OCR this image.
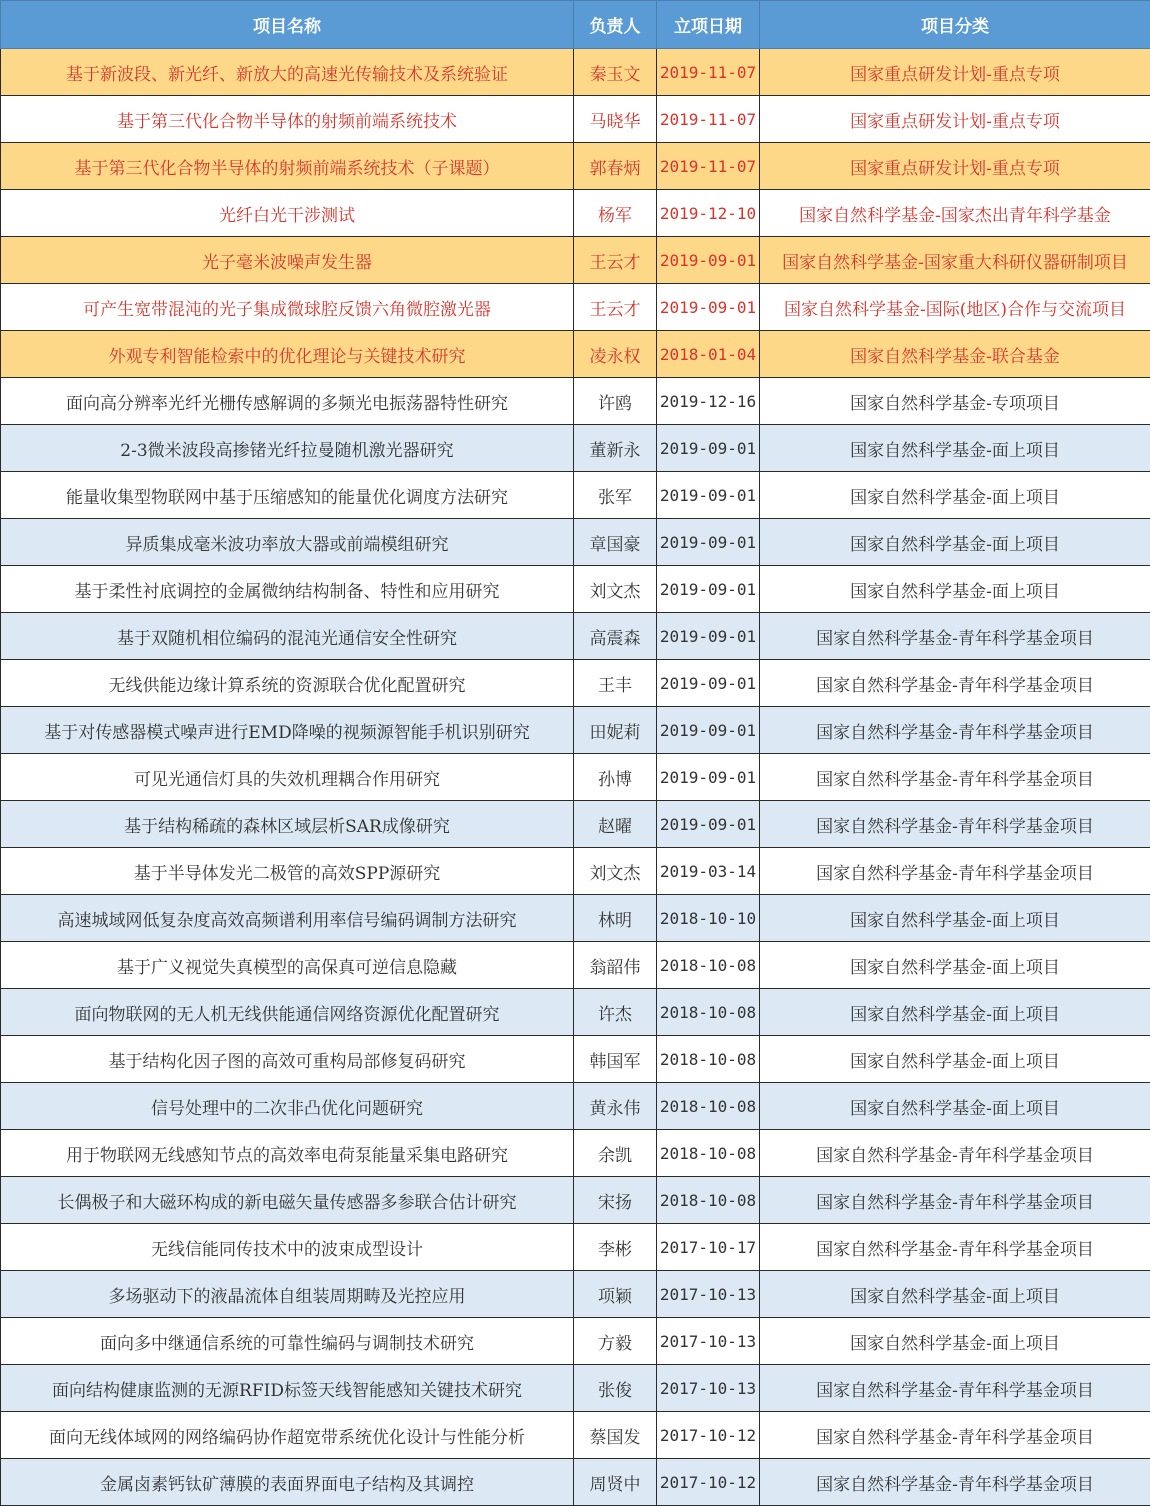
项目名称	负责人	立项日期	项目分类
基于新波段、新光纤、新放大的高速光传输技术及系统验证	秦玉文	2019-11-07	国家重点研发计划-重点专项
基于第三代化合物半导体的射频前端系统技术	马晓华	2019-11-07	国家重点研发计划-重点专项
基于第三代化合物半导体的射频前端系统技术（子课题）	郭春炳	2019-11-07	国家重点研发计划-重点专项
光纤白光干涉测试	杨军	2019-12-10	国家自然科学基金-国家杰出青年科学基金
光子毫米波噪声发生器	王云才	2019-09-01	国家自然科学基金-国家重大科研仪器研制项目
可产生宽带混沌的光子集成微球腔反馈六角微腔激光器	王云才	2019-09-01	国家自然科学基金-国际(地区)合作与交流项目
外观专利智能检索中的优化理论与关键技术研究	凌永权	2018-01-04	国家自然科学基金-联合基金
面向高分辨率光纤光栅传感解调的多频光电振荡器特性研究	许鸥	2019-12-16	国家自然科学基金-专项项目
2-3微米波段高掺锗光纤拉曼随机激光器研究	董新永	2019-09-01	国家自然科学基金-面上项目
能量收集型物联网中基于压缩感知的能量优化调度方法研究	张军	2019-09-01	国家自然科学基金-面上项目
异质集成毫米波功率放大器或前端模组研究	章国豪	2019-09-01	国家自然科学基金-面上项目
基于柔性衬底调控的金属微纳结构制备、特性和应用研究	刘文杰	2019-09-01	国家自然科学基金-面上项目
基于双随机相位编码的混沌光通信安全性研究	高震森	2019-09-01	国家自然科学基金-青年科学基金项目
无线供能边缘计算系统的资源联合优化配置研究	王丰	2019-09-01	国家自然科学基金-青年科学基金项目
基于对传感器模式噪声进行EMD降噪的视频源智能手机识别研究	田妮莉	2019-09-01	国家自然科学基金-青年科学基金项目
可见光通信灯具的失效机理耦合作用研究	孙博	2019-09-01	国家自然科学基金-青年科学基金项目
基于结构稀疏的森林区域层析SAR成像研究	赵曜	2019-09-01	国家自然科学基金-青年科学基金项目
基于半导体发光二极管的高效SPP源研究	刘文杰	2019-03-14	国家自然科学基金-青年科学基金项目
高速城域网低复杂度高效高频谱利用率信号编码调制方法研究	林明	2018-10-10	国家自然科学基金-面上项目
基于广义视觉失真模型的高保真可逆信息隐藏	翁韶伟	2018-10-08	国家自然科学基金-面上项目
面向物联网的无人机无线供能通信网络资源优化配置研究	许杰	2018-10-08	国家自然科学基金-面上项目
基于结构化因子图的高效可重构局部修复码研究	韩国军	2018-10-08	国家自然科学基金-面上项目
信号处理中的二次非凸优化问题研究	黄永伟	2018-10-08	国家自然科学基金-面上项目
用于物联网无线感知节点的高效率电荷泵能量采集电路研究	余凯	2018-10-08	国家自然科学基金-青年科学基金项目
长偶极子和大磁环构成的新电磁矢量传感器多参联合估计研究	宋扬	2018-10-08	国家自然科学基金-青年科学基金项目
无线信能同传技术中的波束成型设计	李彬	2017-10-17	国家自然科学基金-青年科学基金项目
多场驱动下的液晶流体自组装周期畴及光控应用	项颖	2017-10-13	国家自然科学基金-面上项目
面向多中继通信系统的可靠性编码与调制技术研究	方毅	2017-10-13	国家自然科学基金-面上项目
面向结构健康监测的无源RFID标签天线智能感知关键技术研究	张俊	2017-10-13	国家自然科学基金-青年科学基金项目
面向无线体域网的网络编码协作超宽带系统优化设计与性能分析	蔡国发	2017-10-12	国家自然科学基金-青年科学基金项目
金属卤素钙钛矿薄膜的表面界面电子结构及其调控	周贤中	2017-10-12	国家自然科学基金-青年科学基金项目
